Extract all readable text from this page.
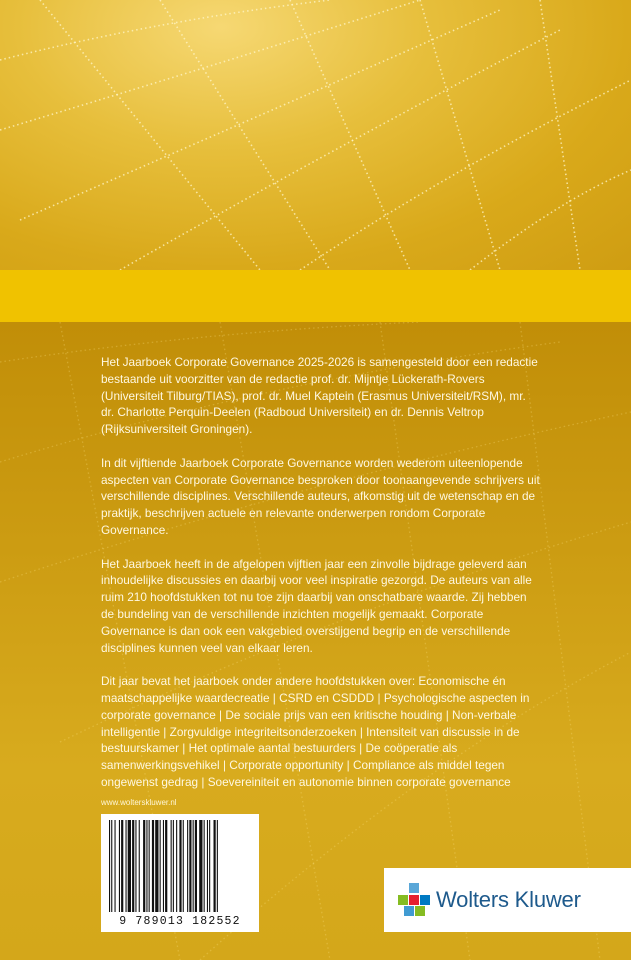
Het Jaarboek Corporate Governance 2025-2026 is samengesteld door een redactie bestaande uit voorzitter van de redactie prof. dr. Mijntje Lückerath-Rovers (Universiteit Tilburg/TIAS), prof. dr. Muel Kaptein (Erasmus Universiteit/RSM), mr. dr. Charlotte Perquin-Deelen (Radboud Universiteit) en dr. Dennis Veltrop (Rijksuniversiteit Groningen).

In dit vijftiende Jaarboek Corporate Governance worden wederom uiteenlopende aspecten van Corporate Governance besproken door toonaangevende schrijvers uit verschillende disciplines. Verschillende auteurs, afkomstig uit de wetenschap en de praktijk, beschrijven actuele en relevante onderwerpen rondom Corporate Governance.

Het Jaarboek heeft in de afgelopen vijftien jaar een zinvolle bijdrage geleverd aan inhoudelijke discussies en daarbij voor veel inspiratie gezorgd. De auteurs van alle ruim 210 hoofdstukken tot nu toe zijn daarbij van onschatbare waarde. Zij hebben de bundeling van de verschillende inzichten mogelijk gemaakt. Corporate Governance is dan ook een vakgebied overstijgend begrip en de verschillende disciplines kunnen veel van elkaar leren.

Dit jaar bevat het jaarboek onder andere hoofdstukken over: Economische én maatschappelijke waardecreatie | CSRD en CSDDD | Psychologische aspecten in corporate governance | De sociale prijs van een kritische houding | Non-verbale intelligentie | Zorgvuldige integriteitsonderzoeken | Intensiteit van discussie in de bestuurskamer | Het optimale aantal bestuurders | De coöperatie als samenwerkingsvehikel | Corporate opportunity | Compliance als middel tegen ongewenst gedrag | Soevereiniteit en autonomie binnen corporate governance

www.wolterskluwer.nl
9 789013 182552
Wolters Kluwer
